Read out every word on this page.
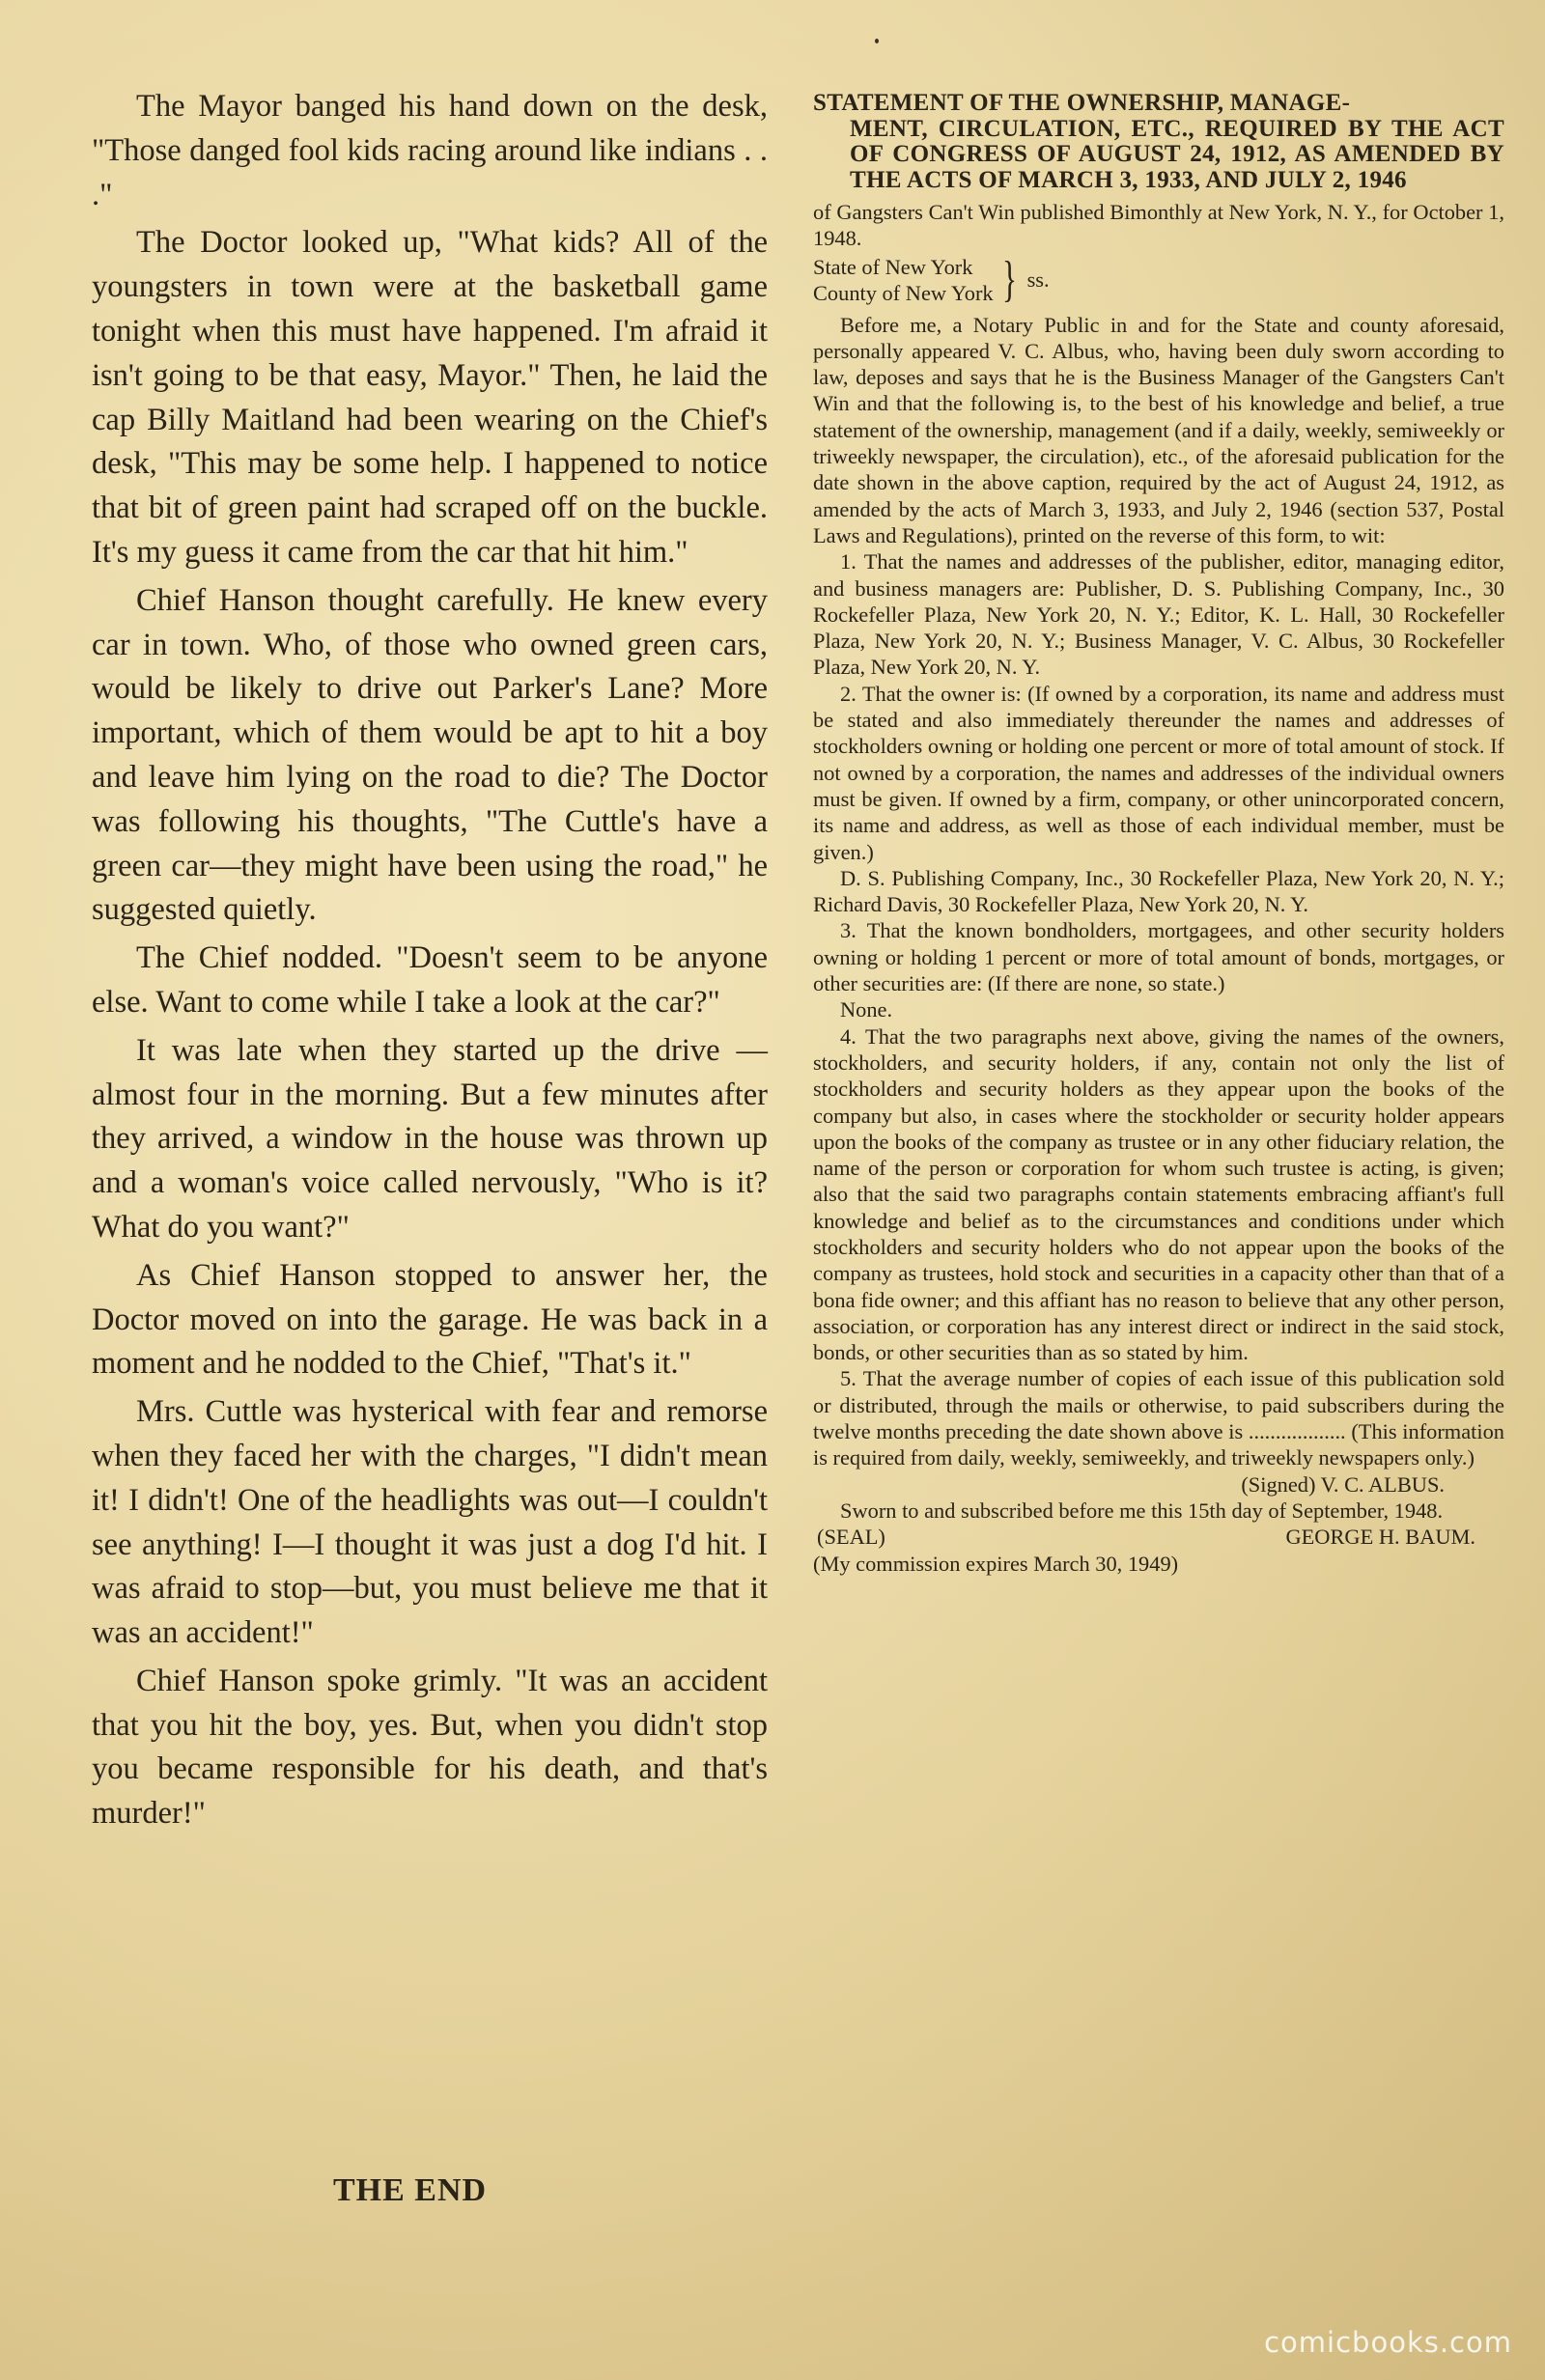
The Mayor banged his hand down on the desk, "Those danged fool kids racing around like indians . . ."

The Doctor looked up, "What kids? All of the youngsters in town were at the basketball game tonight when this must have happened. I'm afraid it isn't going to be that easy, Mayor." Then, he laid the cap Billy Maitland had been wearing on the Chief's desk, "This may be some help. I happened to notice that bit of green paint had scraped off on the buckle. It's my guess it came from the car that hit him."

Chief Hanson thought carefully. He knew every car in town. Who, of those who owned green cars, would be likely to drive out Parker's Lane? More important, which of them would be apt to hit a boy and leave him lying on the road to die? The Doctor was following his thoughts, "The Cuttle's have a green car—they might have been using the road," he suggested quietly.

The Chief nodded. "Doesn't seem to be anyone else. Want to come while I take a look at the car?"

It was late when they started up the drive —almost four in the morning. But a few minutes after they arrived, a window in the house was thrown up and a woman's voice called nervously, "Who is it? What do you want?"

As Chief Hanson stopped to answer her, the Doctor moved on into the garage. He was back in a moment and he nodded to the Chief, "That's it."

Mrs. Cuttle was hysterical with fear and remorse when they faced her with the charges, "I didn't mean it! I didn't! One of the headlights was out—I couldn't see anything! I—I thought it was just a dog I'd hit. I was afraid to stop—but, you must believe me that it was an accident!"

Chief Hanson spoke grimly. "It was an accident that you hit the boy, yes. But, when you didn't stop you became responsible for his death, and that's murder!"

THE END
STATEMENT OF THE OWNERSHIP, MANAGE-
MENT, CIRCULATION, ETC., REQUIRED BY THE ACT OF CONGRESS OF AUGUST 24, 1912, AS AMENDED BY THE ACTS OF MARCH 3, 1933, AND JULY 2, 1946

of Gangsters Can't Win published Bimonthly at New York, N. Y., for October 1, 1948.

State of New York
County of New York } ss.

Before me, a Notary Public in and for the State and county aforesaid, personally appeared V. C. Albus, who, having been duly sworn according to law, deposes and says that he is the Business Manager of the Gangsters Can't Win and that the following is, to the best of his knowledge and belief, a true statement of the ownership, management (and if a daily, weekly, semiweekly or triweekly newspaper, the circulation), etc., of the aforesaid publication for the date shown in the above caption, required by the act of August 24, 1912, as amended by the acts of March 3, 1933, and July 2, 1946 (section 537, Postal Laws and Regulations), printed on the reverse of this form, to wit:

1. That the names and addresses of the publisher, editor, managing editor, and business managers are: Publisher, D. S. Publishing Company, Inc., 30 Rockefeller Plaza, New York 20, N. Y.; Editor, K. L. Hall, 30 Rockefeller Plaza, New York 20, N. Y.; Business Manager, V. C. Albus, 30 Rockefeller Plaza, New York 20, N. Y.

2. That the owner is: (If owned by a corporation, its name and address must be stated and also immediately thereunder the names and addresses of stockholders owning or holding one percent or more of total amount of stock. If not owned by a corporation, the names and addresses of the individual owners must be given. If owned by a firm, company, or other unincorporated concern, its name and address, as well as those of each individual member, must be given.)

D. S. Publishing Company, Inc., 30 Rockefeller Plaza, New York 20, N. Y.; Richard Davis, 30 Rockefeller Plaza, New York 20, N. Y.

3. That the known bondholders, mortgagees, and other security holders owning or holding 1 percent or more of total amount of bonds, mortgages, or other securities are: (If there are none, so state.)

None.

4. That the two paragraphs next above, giving the names of the owners, stockholders, and security holders, if any, contain not only the list of stockholders and security holders as they appear upon the books of the company but also, in cases where the stockholder or security holder appears upon the books of the company as trustee or in any other fiduciary relation, the name of the person or corporation for whom such trustee is acting, is given; also that the said two paragraphs contain statements embracing affiant's full knowledge and belief as to the circumstances and conditions under which stockholders and security holders who do not appear upon the books of the company as trustees, hold stock and securities in a capacity other than that of a bona fide owner; and this affiant has no reason to believe that any other person, association, or corporation has any interest direct or indirect in the said stock, bonds, or other securities than as so stated by him.

5. That the average number of copies of each issue of this publication sold or distributed, through the mails or otherwise, to paid subscribers during the twelve months preceding the date shown above is .................. (This information is required from daily, weekly, semiweekly, and triweekly newspapers only.)

(Signed) V. C. ALBUS.

Sworn to and subscribed before me this 15th day of September, 1948.

(SEAL)	GEORGE H. BAUM.

(My commission expires March 30, 1949)

comicbooks.com
